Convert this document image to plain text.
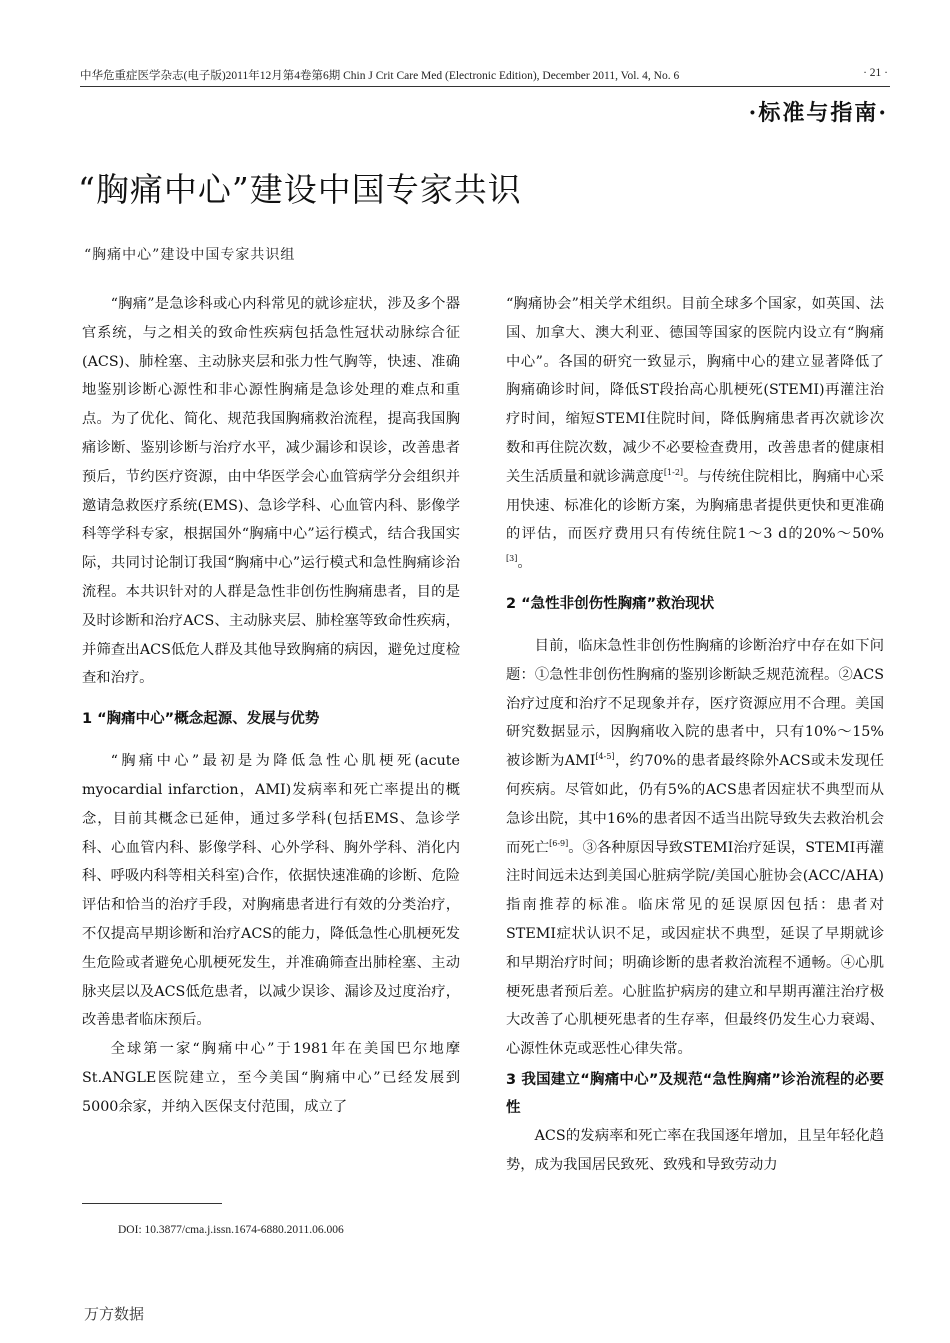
中华危重症医学杂志(电子版)2011年12月第4卷第6期 Chin J Crit Care Med (Electronic Edition), December 2011, Vol. 4, No. 6	· 21 ·
·标准与指南·
“胸痛中心”建设中国专家共识
“胸痛中心”建设中国专家共识组

“胸痛”是急诊科或心内科常见的就诊症状，涉及多个器官系统，与之相关的致命性疾病包括急性冠状动脉综合征(ACS)、肺栓塞、主动脉夹层和张力性气胸等，快速、准确地鉴别诊断心源性和非心源性胸痛是急诊处理的难点和重点。为了优化、简化、规范我国胸痛救治流程，提高我国胸痛诊断、鉴别诊断与治疗水平，减少漏诊和误诊，改善患者预后，节约医疗资源，由中华医学会心血管病学分会组织并邀请急救医疗系统(EMS)、急诊学科、心血管内科、影像学科等学科专家，根据国外“胸痛中心”运行模式，结合我国实际，共同讨论制订我国“胸痛中心”运行模式和急性胸痛诊治流程。本共识针对的人群是急性非创伤性胸痛患者，目的是及时诊断和治疗ACS、主动脉夹层、肺栓塞等致命性疾病，并筛查出ACS低危人群及其他导致胸痛的病因，避免过度检查和治疗。

1 “胸痛中心”概念起源、发展与优势

“胸痛中心”最初是为降低急性心肌梗死(acute myocardial infarction，AMI)发病率和死亡率提出的概念，目前其概念已延伸，通过多学科(包括EMS、急诊学科、心血管内科、影像学科、心外学科、胸外学科、消化内科、呼吸内科等相关科室)合作，依据快速准确的诊断、危险评估和恰当的治疗手段，对胸痛患者进行有效的分类治疗，不仅提高早期诊断和治疗ACS的能力，降低急性心肌梗死发生危险或者避免心肌梗死发生，并准确筛查出肺栓塞、主动脉夹层以及ACS低危患者，以减少误诊、漏诊及过度治疗，改善患者临床预后。

全球第一家“胸痛中心”于1981年在美国巴尔地摩St.ANGLE医院建立，至今美国“胸痛中心”已经发展到5000余家，并纳入医保支付范围，成立了

“胸痛协会”相关学术组织。目前全球多个国家，如英国、法国、加拿大、澳大利亚、德国等国家的医院内设立有“胸痛中心”。各国的研究一致显示，胸痛中心的建立显著降低了胸痛确诊时间，降低ST段抬高心肌梗死(STEMI)再灌注治疗时间，缩短STEMI住院时间，降低胸痛患者再次就诊次数和再住院次数，减少不必要检查费用，改善患者的健康相关生活质量和就诊满意度[1-2]。与传统住院相比，胸痛中心采用快速、标准化的诊断方案，为胸痛患者提供更快和更准确的评估，而医疗费用只有传统住院1～3 d的20%～50%[3]。

2 “急性非创伤性胸痛”救治现状

目前，临床急性非创伤性胸痛的诊断治疗中存在如下问题：①急性非创伤性胸痛的鉴别诊断缺乏规范流程。②ACS治疗过度和治疗不足现象并存，医疗资源应用不合理。美国研究数据显示，因胸痛收入院的患者中，只有10%～15%被诊断为AMI[4-5]，约70%的患者最终除外ACS或未发现任何疾病。尽管如此，仍有5%的ACS患者因症状不典型而从急诊出院，其中16%的患者因不适当出院导致失去救治机会而死亡[6-9]。③各种原因导致STEMI治疗延误，STEMI再灌注时间远未达到美国心脏病学院/美国心脏协会(ACC/AHA)指南推荐的标准。临床常见的延误原因包括：患者对STEMI症状认识不足，或因症状不典型，延误了早期就诊和早期治疗时间；明确诊断的患者救治流程不通畅。④心肌梗死患者预后差。心脏监护病房的建立和早期再灌注治疗极大改善了心肌梗死患者的生存率，但最终仍发生心力衰竭、心源性休克或恶性心律失常。

3 我国建立“胸痛中心”及规范“急性胸痛”诊治流程的必要性

ACS的发病率和死亡率在我国逐年增加，且呈年轻化趋势，成为我国居民致死、致残和导致劳动力

DOI: 10.3877/cma.j.issn.1674-6880.2011.06.006
万方数据
